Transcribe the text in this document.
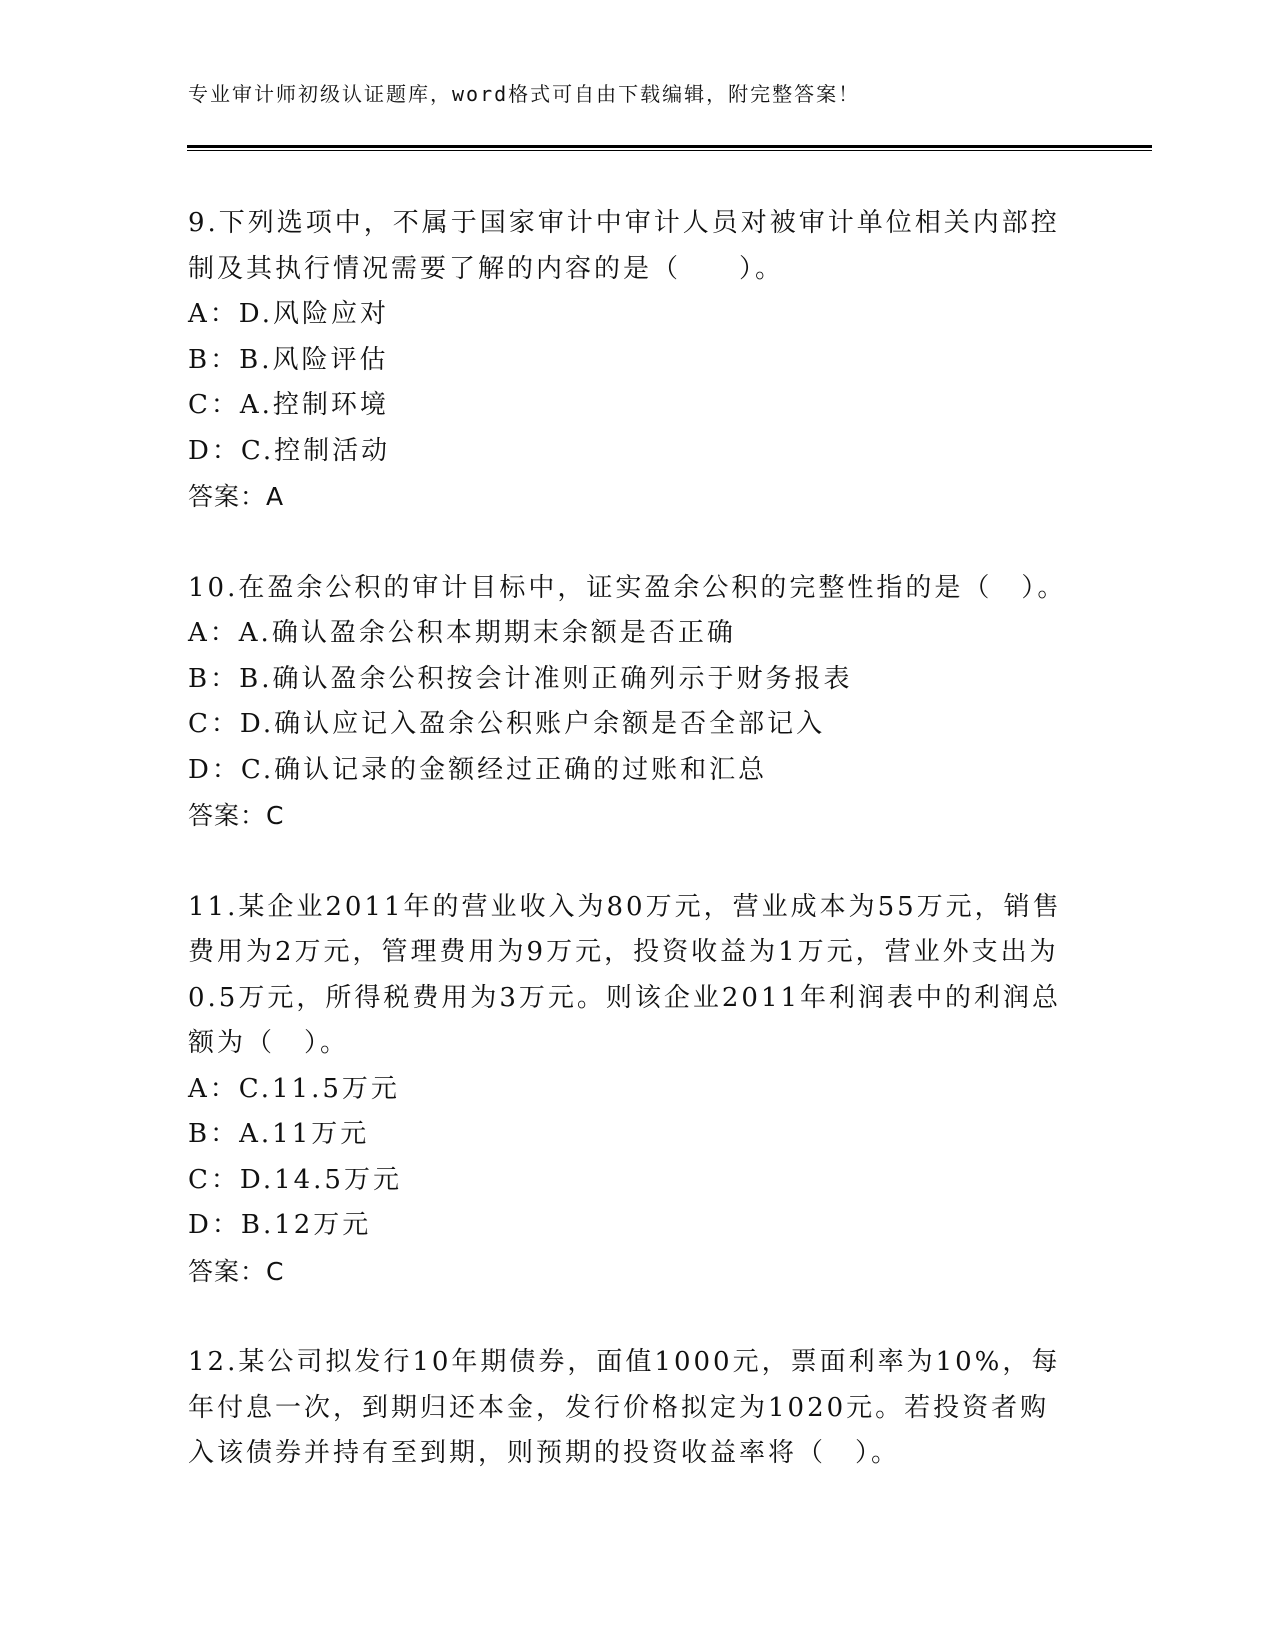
专业审计师初级认证题库，word格式可自由下载编辑，附完整答案！

9.下列选项中，不属于国家审计中审计人员对被审计单位相关内部控制及其执行情况需要了解的内容的是（　　）。

A：D.风险应对

B：B.风险评估

C：A.控制环境

D：C.控制活动

答案：A

10.在盈余公积的审计目标中，证实盈余公积的完整性指的是（　）。

A：A.确认盈余公积本期期末余额是否正确

B：B.确认盈余公积按会计准则正确列示于财务报表

C：D.确认应记入盈余公积账户余额是否全部记入

D：C.确认记录的金额经过正确的过账和汇总

答案：C

11.某企业2011年的营业收入为80万元，营业成本为55万元，销售费用为2万元，管理费用为9万元，投资收益为1万元，营业外支出为0.5万元，所得税费用为3万元。则该企业2011年利润表中的利润总额为（　）。

A：C.11.5万元

B：A.11万元

C：D.14.5万元

D：B.12万元

答案：C

12.某公司拟发行10年期债券，面值1000元，票面利率为10%，每年付息一次，到期归还本金，发行价格拟定为1020元。若投资者购入该债券并持有至到期，则预期的投资收益率将（　）。
